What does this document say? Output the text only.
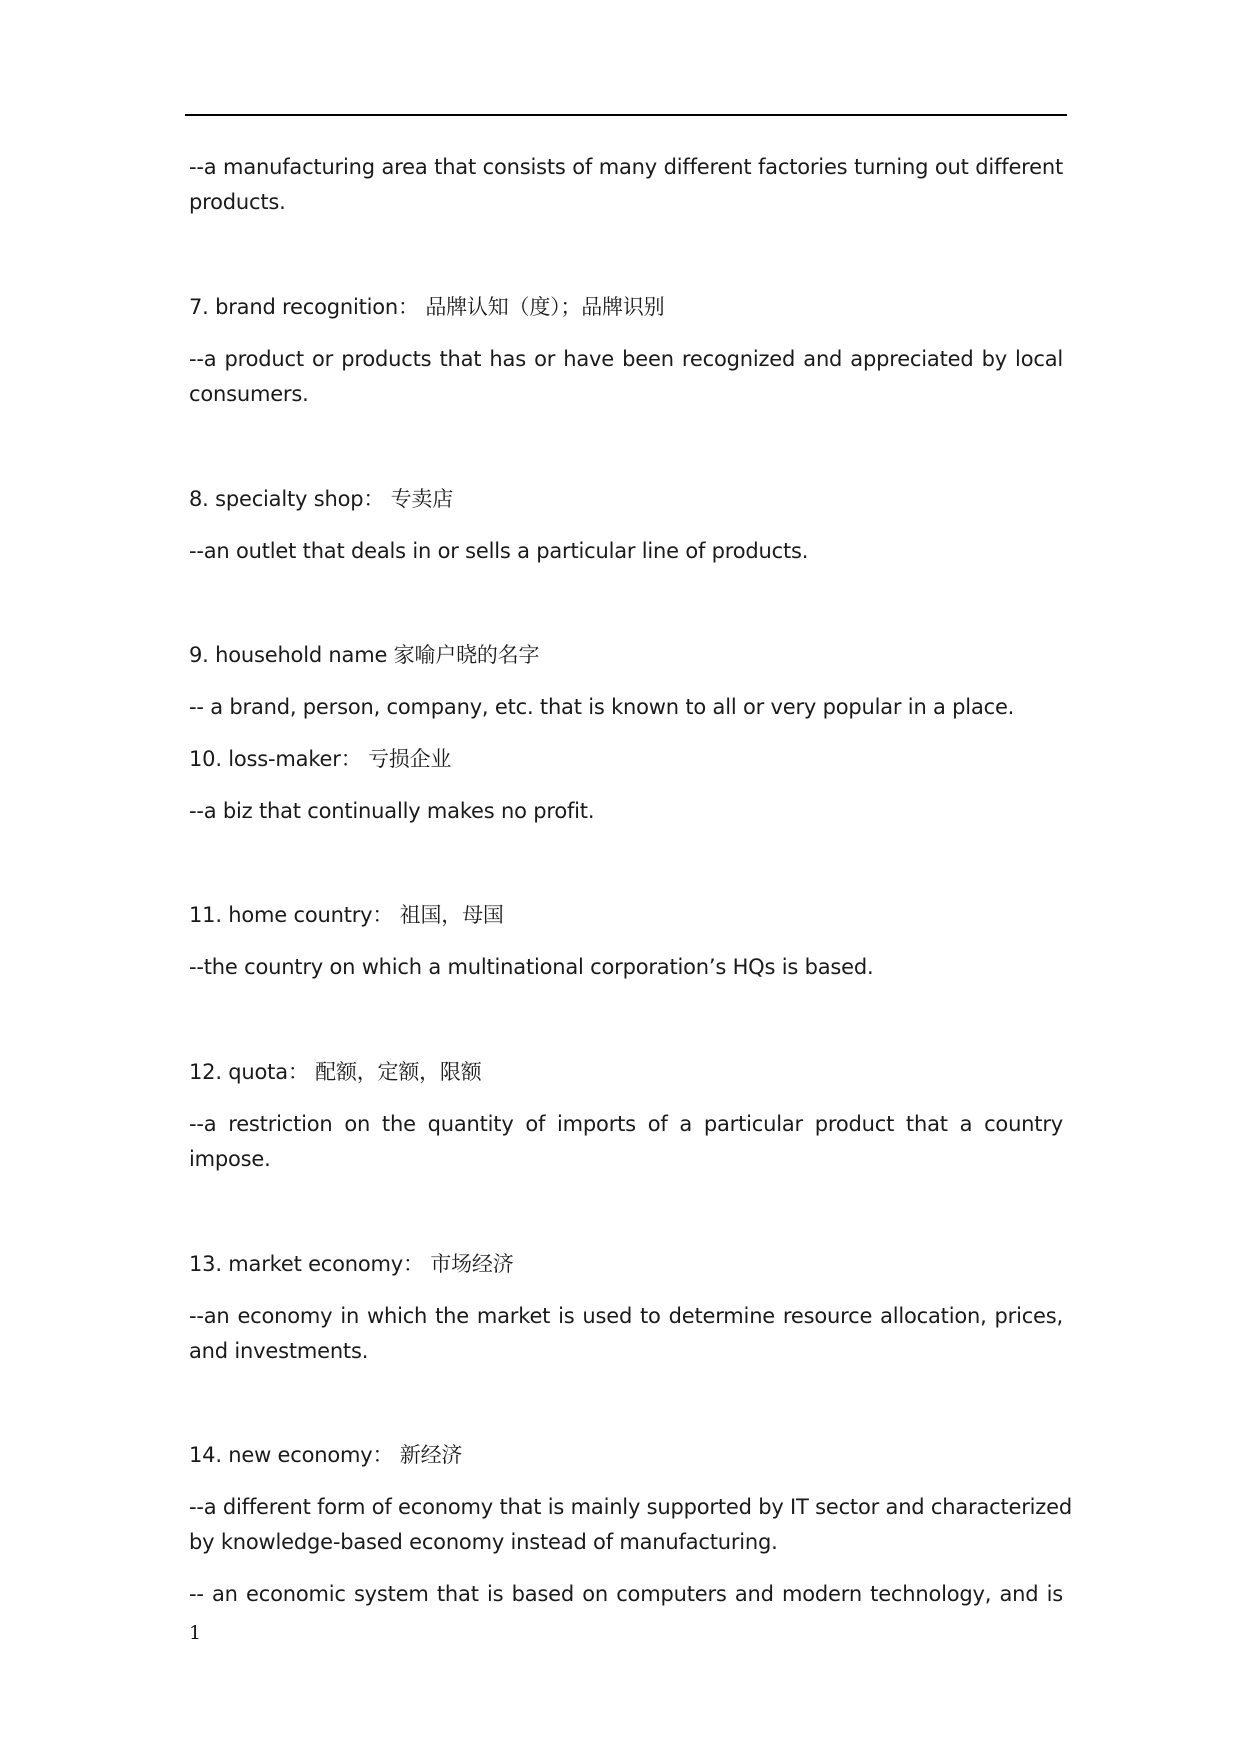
--a manufacturing area that consists of many different factories turning out different

products.

7. brand recognition： 品牌认知（度）；品牌识别

--a product or products that has or have been recognized and appreciated by local

consumers.

8. specialty shop： 专卖店

--an outlet that deals in or sells a particular line of products.

9. household name 家喻户晓的名字

-- a brand, person, company, etc. that is known to all or very popular in a place.

10. loss-maker： 亏损企业

--a biz that continually makes no profit.

11. home country： 祖国，母国

--the country on which a multinational corporation’s HQs is based.

12. quota： 配额，定额，限额

--a restriction on the quantity of imports of a particular product that a country

impose.

13. market economy： 市场经济

--an economy in which the market is used to determine resource allocation, prices,

and investments.

14. new economy： 新经济

--a different form of economy that is mainly supported by IT sector and characterized

by knowledge-based economy instead of manufacturing.

-- an economic system that is based on computers and modern technology, and is

1
